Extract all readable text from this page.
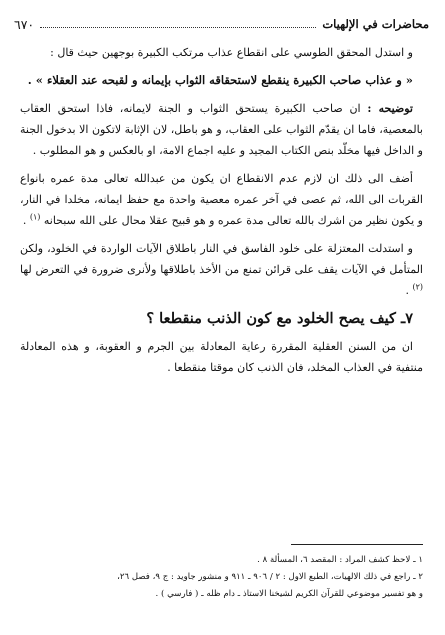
محاضرات في الإلهيات
٦٧٠

و استدل المحقق الطوسي على انقطاع عذاب مرتكب الكبيرة بوجهين حيث قال :

« و عذاب صاحب الكبيرة ينقطع لاستحقاقه الثواب بإيمانه و لقبحه عند العقلاء » .

توضيحه : ان صاحب الكبيرة يستحق الثواب و الجنة لايمانه، فاذا استحق العقاب بالمعصية، فاما ان يقدّم الثواب على العقاب، و هو باطل، لان الإثابة لاتكون الا بدخول الجنة و الداخل فيها مخلّد بنص الكتاب المجيد و عليه اجماع الامة، او بالعكس و هو المطلوب .

أضف الى ذلك ان لازم عدم الانقطاع ان يكون من عبدالله تعالى مدة عمره بانواع القربات الى الله، ثم عصى في آخر عمره معصية واحدة مع حفظ ايمانه، مخلدا في النار، و يكون نظير من اشرك بالله تعالى مدة عمره و هو قبيح عقلا محال على الله سبحانه $^{(١)}$ .

و استدلت المعتزلة على خلود الفاسق في النار باطلاق الآيات الواردة في الخلود، ولكن المتأمل في الآيات يقف على قرائن تمنع من الأخذ باطلاقها ولأنرى ضرورة في التعرض لها $^{(٢)}$ .

٧ـ كيف يصح الخلود مع كون الذنب منقطعا ؟

ان من السنن العقلية المقررة رعاية المعادلة بين الجرم و العقوبة، و هذه المعادلة منتفية في العذاب المخلد، فان الذنب كان موقتا منقطعا .

١ ـ لاحظ كشف المراد : المقصد ٦، المسألة ٨ .
٢ ـ راجع في ذلك الالهيات، الطبع الاول : ٢ / ٩٠٦ ـ ٩١١ و منشور جاويد : ج ٩، فصل ٢٦،
و هو تفسير موضوعي للقرآن الكريم لشيخنا الاستاذ ـ دام ظله ـ ( فارسي ) .
